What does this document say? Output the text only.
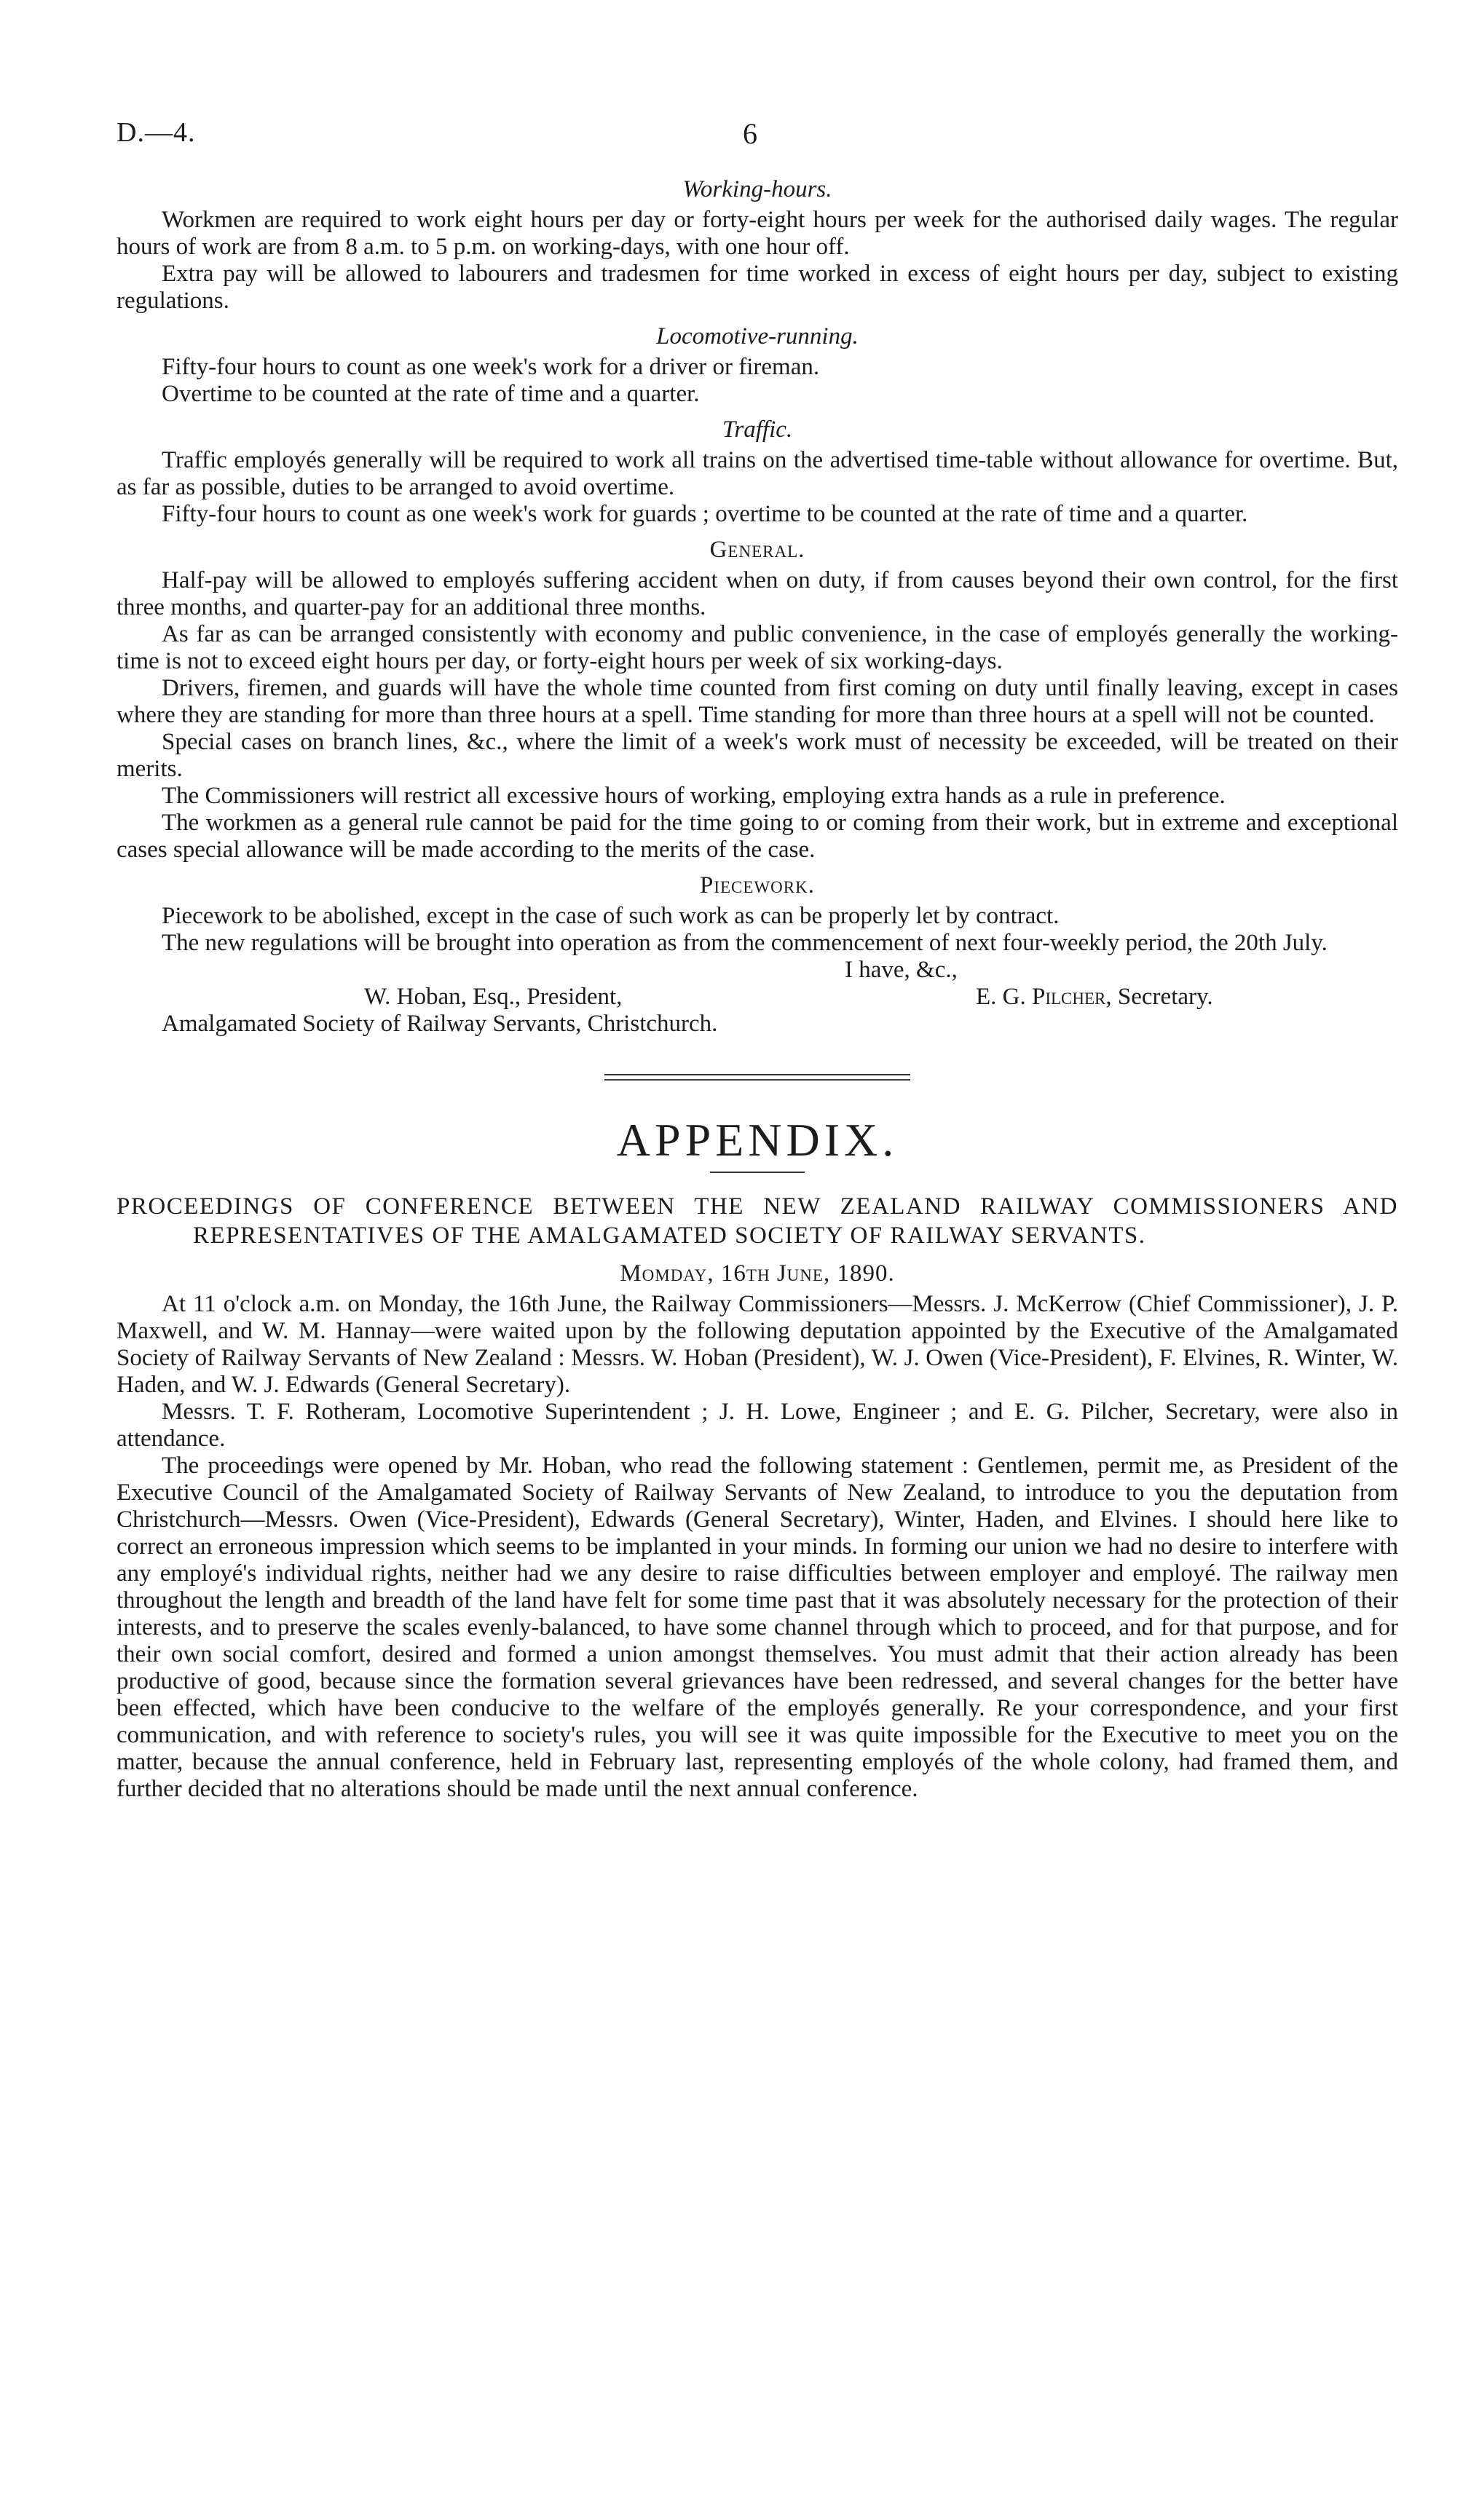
D.—4.	6
Working-hours.

Workmen are required to work eight hours per day or forty-eight hours per week for the authorised daily wages. The regular hours of work are from 8 a.m. to 5 p.m. on working-days, with one hour off.

Extra pay will be allowed to labourers and tradesmen for time worked in excess of eight hours per day, subject to existing regulations.

Locomotive-running.

Fifty-four hours to count as one week's work for a driver or fireman.

Overtime to be counted at the rate of time and a quarter.

Traffic.

Traffic employés generally will be required to work all trains on the advertised time-table without allowance for overtime. But, as far as possible, duties to be arranged to avoid overtime.

Fifty-four hours to count as one week's work for guards ; overtime to be counted at the rate of time and a quarter.

General.

Half-pay will be allowed to employés suffering accident when on duty, if from causes beyond their own control, for the first three months, and quarter-pay for an additional three months.

As far as can be arranged consistently with economy and public convenience, in the case of employés generally the working-time is not to exceed eight hours per day, or forty-eight hours per week of six working-days.

Drivers, firemen, and guards will have the whole time counted from first coming on duty until finally leaving, except in cases where they are standing for more than three hours at a spell. Time standing for more than three hours at a spell will not be counted.

Special cases on branch lines, &c., where the limit of a week's work must of necessity be exceeded, will be treated on their merits.

The Commissioners will restrict all excessive hours of working, employing extra hands as a rule in preference.

The workmen as a general rule cannot be paid for the time going to or coming from their work, but in extreme and exceptional cases special allowance will be made according to the merits of the case.

Piecework.

Piecework to be abolished, except in the case of such work as can be properly let by contract.

The new regulations will be brought into operation as from the commencement of next four-weekly period, the 20th July.

I have, &c.,
W. Hoban, Esq., President,	E. G. Pilcher, Secretary.
Amalgamated Society of Railway Servants, Christchurch.
APPENDIX.
PROCEEDINGS OF CONFERENCE BETWEEN THE NEW ZEALAND RAILWAY COMMISSIONERS AND REPRESENTATIVES OF THE AMALGAMATED SOCIETY OF RAILWAY SERVANTS.
Momday, 16th June, 1890.

At 11 o'clock a.m. on Monday, the 16th June, the Railway Commissioners—Messrs. J. McKerrow (Chief Commissioner), J. P. Maxwell, and W. M. Hannay—were waited upon by the following deputation appointed by the Executive of the Amalgamated Society of Railway Servants of New Zealand : Messrs. W. Hoban (President), W. J. Owen (Vice-President), F. Elvines, R. Winter, W. Haden, and W. J. Edwards (General Secretary).

Messrs. T. F. Rotheram, Locomotive Superintendent ; J. H. Lowe, Engineer ; and E. G. Pilcher, Secretary, were also in attendance.

The proceedings were opened by Mr. Hoban, who read the following statement : Gentlemen, permit me, as President of the Executive Council of the Amalgamated Society of Railway Servants of New Zealand, to introduce to you the deputation from Christchurch—Messrs. Owen (Vice-President), Edwards (General Secretary), Winter, Haden, and Elvines. I should here like to correct an erroneous impression which seems to be implanted in your minds. In forming our union we had no desire to interfere with any employé's individual rights, neither had we any desire to raise difficulties between employer and employé. The railway men throughout the length and breadth of the land have felt for some time past that it was absolutely necessary for the protection of their interests, and to preserve the scales evenly-balanced, to have some channel through which to proceed, and for that purpose, and for their own social comfort, desired and formed a union amongst themselves. You must admit that their action already has been productive of good, because since the formation several grievances have been redressed, and several changes for the better have been effected, which have been conducive to the welfare of the employés generally. Re your correspondence, and your first communication, and with reference to society's rules, you will see it was quite impossible for the Executive to meet you on the matter, because the annual conference, held in February last, representing employés of the whole colony, had framed them, and further decided that no alterations should be made until the next annual conference.
